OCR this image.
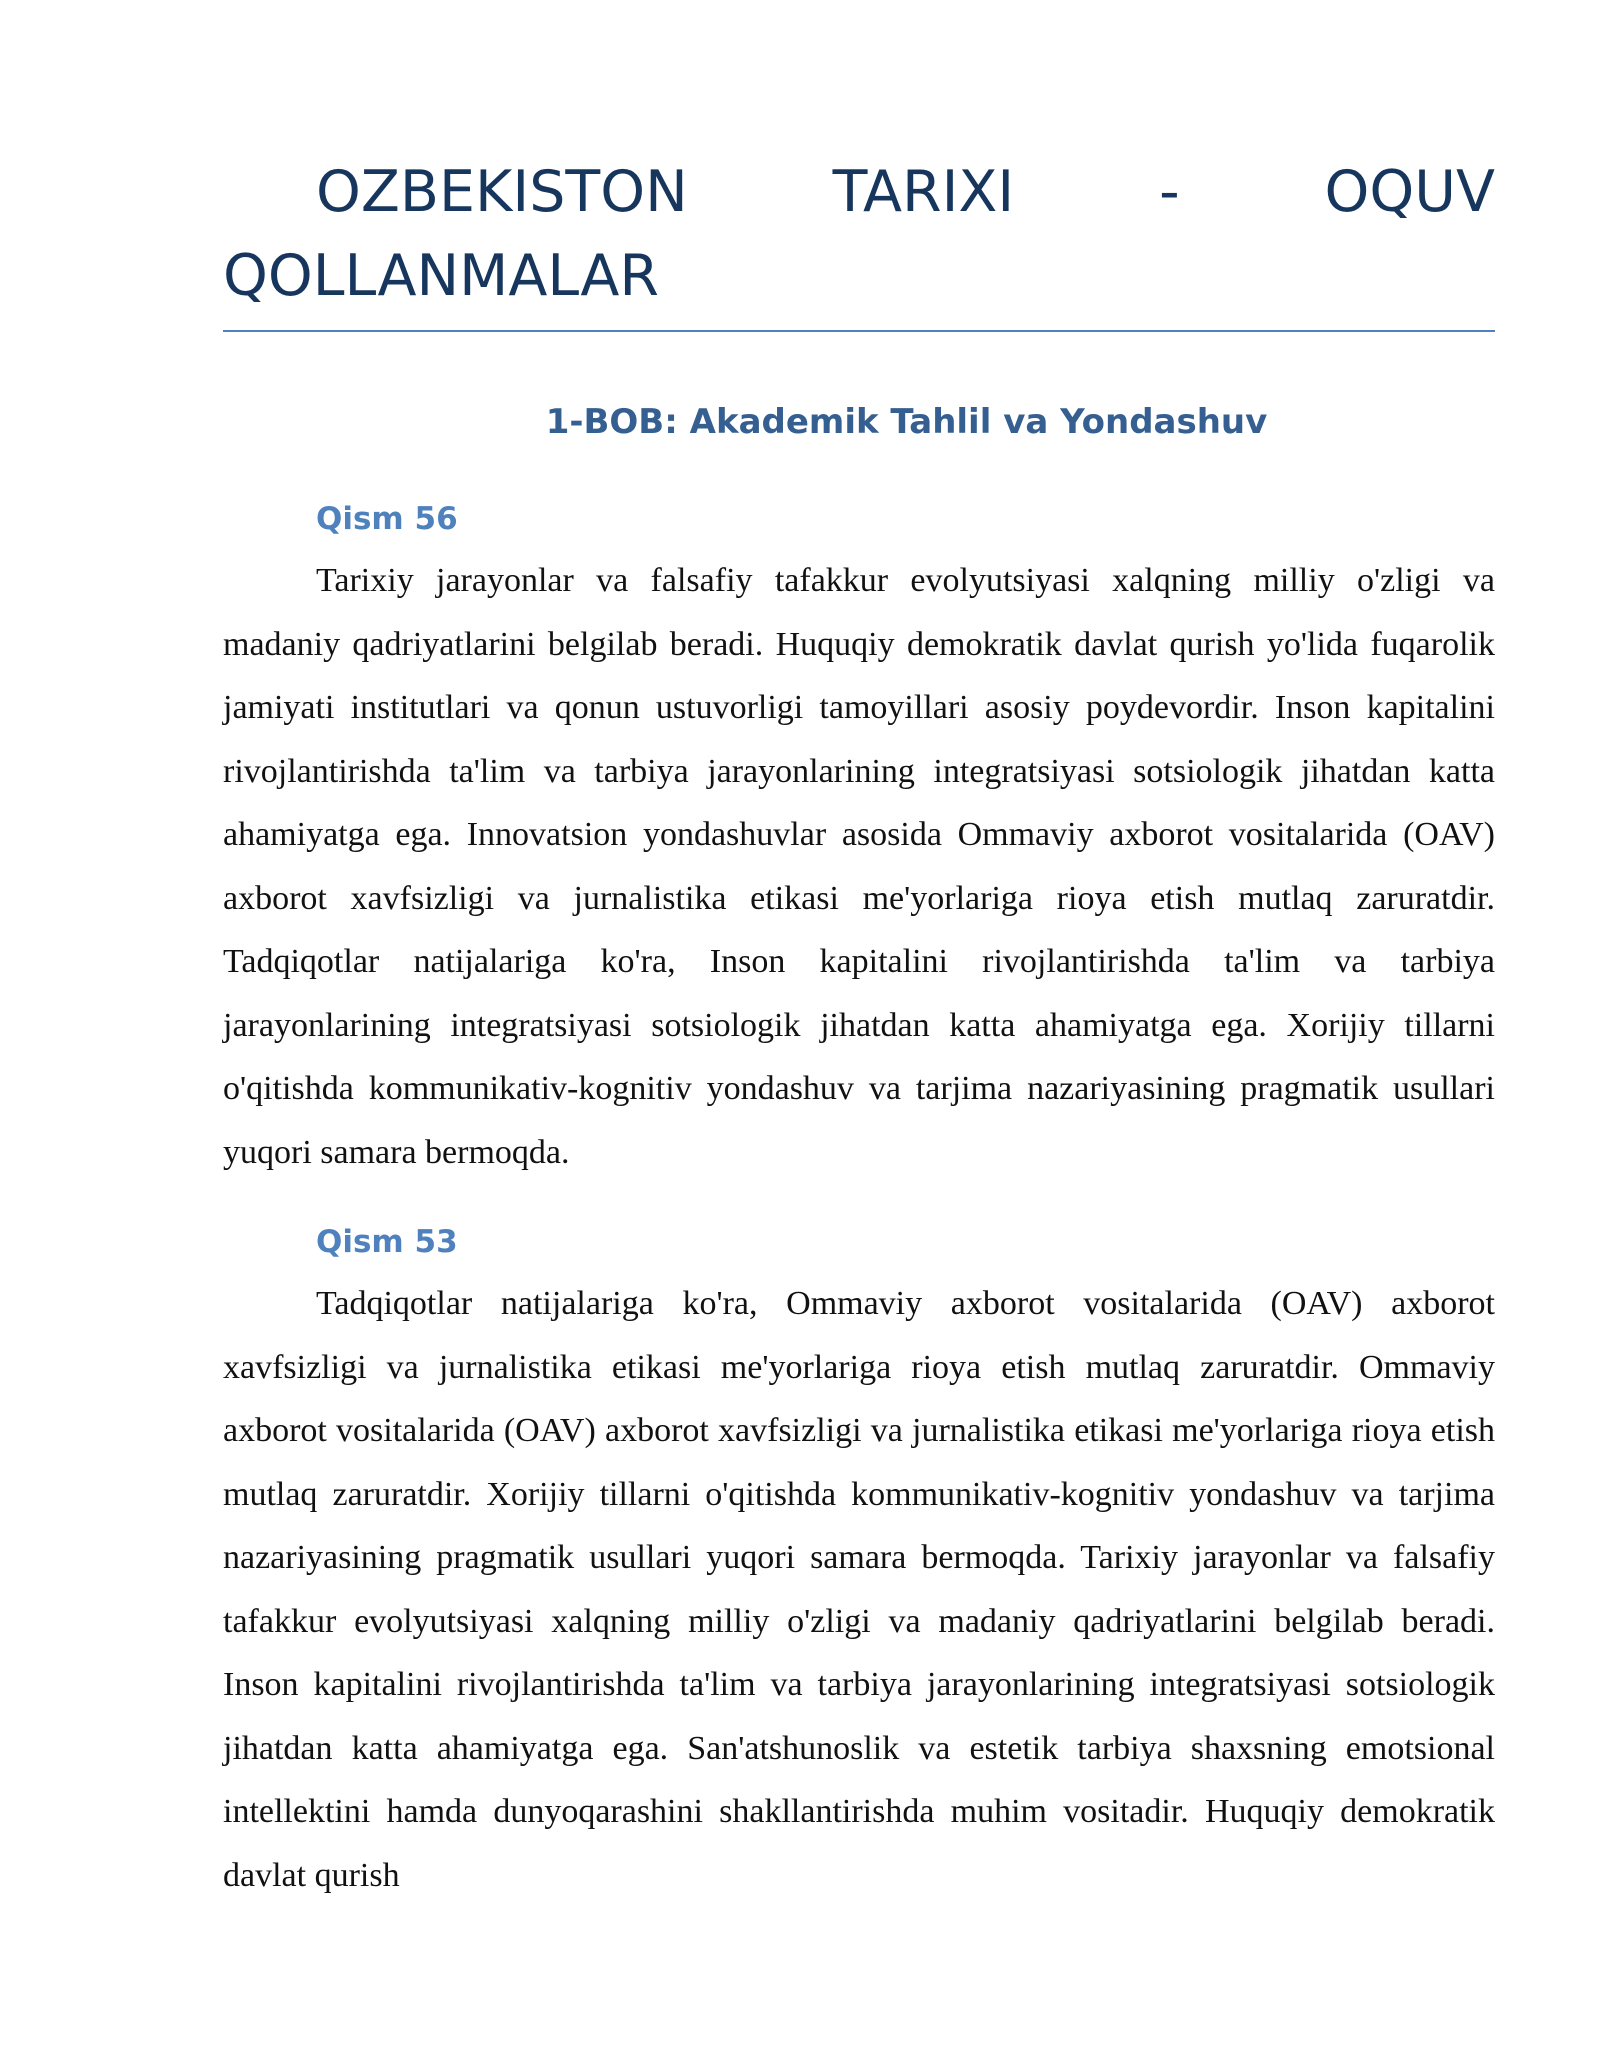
OZBEKISTON TARIXI - OQUV QOLLANMALAR
1-BOB: Akademik Tahlil va Yondashuv
Qism 56

Tarixiy jarayonlar va falsafiy tafakkur evolyutsiyasi xalqning milliy o'zligi va madaniy qadriyatlarini belgilab beradi. Huquqiy demokratik davlat qurish yo'lida fuqarolik jamiyati institutlari va qonun ustuvorligi tamoyillari asosiy poydevordir. Inson kapitalini rivojlantirishda ta'lim va tarbiya jarayonlarining integratsiyasi sotsiologik jihatdan katta ahamiyatga ega. Innovatsion yondashuvlar asosida Ommaviy axborot vositalarida (OAV) axborot xavfsizligi va jurnalistika etikasi me'yorlariga rioya etish mutlaq zaruratdir. Tadqiqotlar natijalariga ko'ra, Inson kapitalini rivojlantirishda ta'lim va tarbiya jarayonlarining integratsiyasi sotsiologik jihatdan katta ahamiyatga ega. Xorijiy tillarni o'qitishda kommunikativ-kognitiv yondashuv va tarjima nazariyasining pragmatik usullari yuqori samara bermoqda.

Qism 53

Tadqiqotlar natijalariga ko'ra, Ommaviy axborot vositalarida (OAV) axborot xavfsizligi va jurnalistika etikasi me'yorlariga rioya etish mutlaq zaruratdir. Ommaviy axborot vositalarida (OAV) axborot xavfsizligi va jurnalistika etikasi me'yorlariga rioya etish mutlaq zaruratdir. Xorijiy tillarni o'qitishda kommunikativ-kognitiv yondashuv va tarjima nazariyasining pragmatik usullari yuqori samara bermoqda. Tarixiy jarayonlar va falsafiy tafakkur evolyutsiyasi xalqning milliy o'zligi va madaniy qadriyatlarini belgilab beradi. Inson kapitalini rivojlantirishda ta'lim va tarbiya jarayonlarining integratsiyasi sotsiologik jihatdan katta ahamiyatga ega. San'atshunoslik va estetik tarbiya shaxsning emotsional intellektini hamda dunyoqarashini shakllantirishda muhim vositadir. Huquqiy demokratik davlat qurish
